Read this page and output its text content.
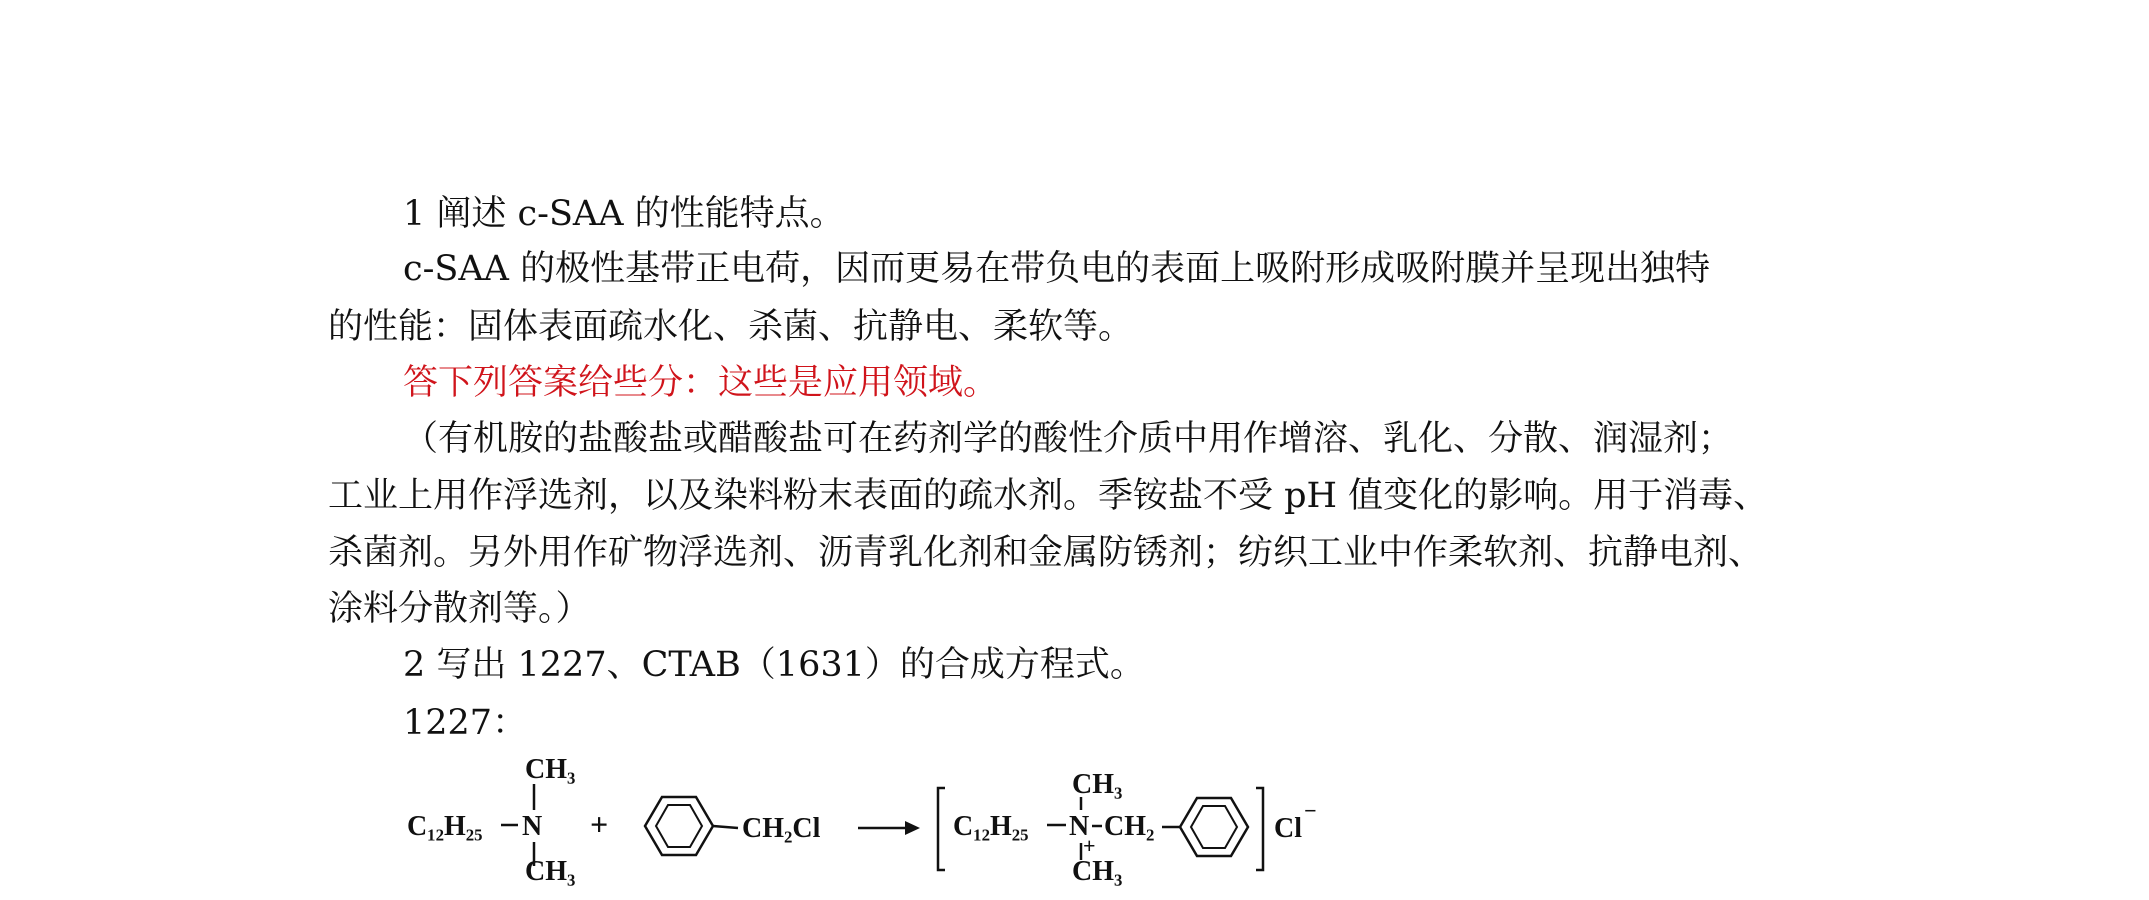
1 阐述 c-SAA 的性能特点。
c-SAA 的极性基带正电荷，因而更易在带负电的表面上吸附形成吸附膜并呈现出独特
的性能：固体表面疏水化、杀菌、抗静电、柔软等。
答下列答案给些分：这些是应用领域。
（有机胺的盐酸盐或醋酸盐可在药剂学的酸性介质中用作增溶、乳化、分散、润湿剂；
工业上用作浮选剂，以及染料粉末表面的疏水剂。季铵盐不受 pH 值变化的影响。用于消毒、
杀菌剂。另外用作矿物浮选剂、沥青乳化剂和金属防锈剂；纺织工业中作柔软剂、抗静电剂、
涂料分散剂等。）
2 写出 1227、CTAB（1631）的合成方程式。
1227：
CH₃
C₁₂H₂₅ N
CH₃
+	CH₂Cl	C₁₂H₂₅
CH₃
N
+
CH₃
CH₂	Cl
−
